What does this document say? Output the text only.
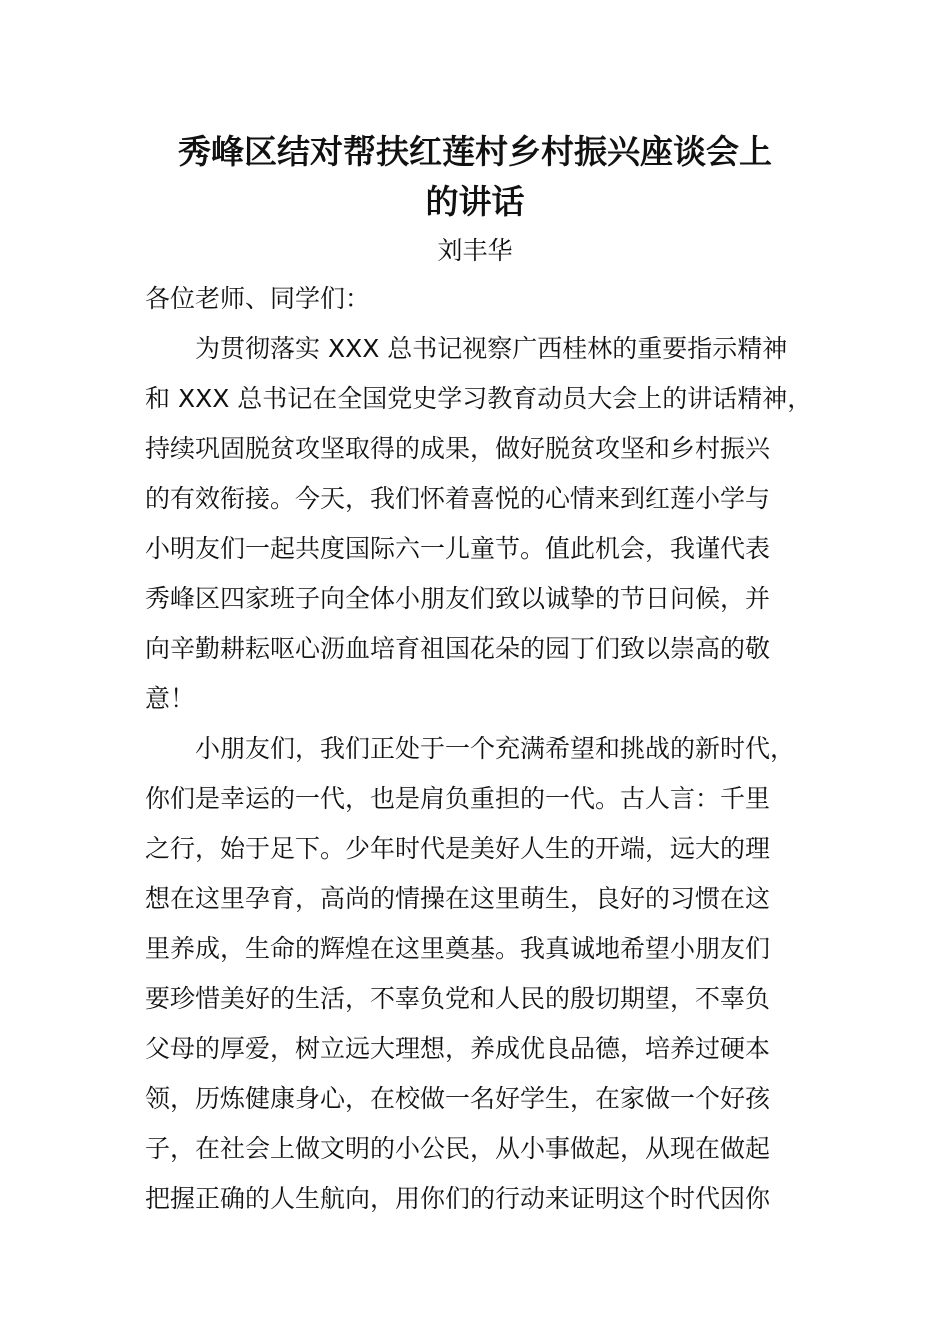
秀峰区结对帮扶红莲村乡村振兴座谈会上
的讲话

刘丰华

各位老师、同学们：
为贯彻落实 XXX 总书记视察广西桂林的重要指示精神
和 XXX 总书记在全国党史学习教育动员大会上的讲话精神，
持续巩固脱贫攻坚取得的成果，做好脱贫攻坚和乡村振兴
的有效衔接。今天，我们怀着喜悦的心情来到红莲小学与
小明友们一起共度国际六一儿童节。值此机会，我谨代表
秀峰区四家班子向全体小朋友们致以诚挚的节日问候，并
向辛勤耕耘呕心沥血培育祖国花朵的园丁们致以崇高的敬
意！
小朋友们，我们正处于一个充满希望和挑战的新时代，
你们是幸运的一代，也是肩负重担的一代。古人言：千里
之行，始于足下。少年时代是美好人生的开端，远大的理
想在这里孕育，高尚的情操在这里萌生，良好的习惯在这
里养成，生命的辉煌在这里奠基。我真诚地希望小朋友们
要珍惜美好的生活，不辜负党和人民的殷切期望，不辜负
父母的厚爱，树立远大理想，养成优良品德，培养过硬本
领，历炼健康身心，在校做一名好学生，在家做一个好孩
子，在社会上做文明的小公民，从小事做起，从现在做起
把握正确的人生航向，用你们的行动来证明这个时代因你
